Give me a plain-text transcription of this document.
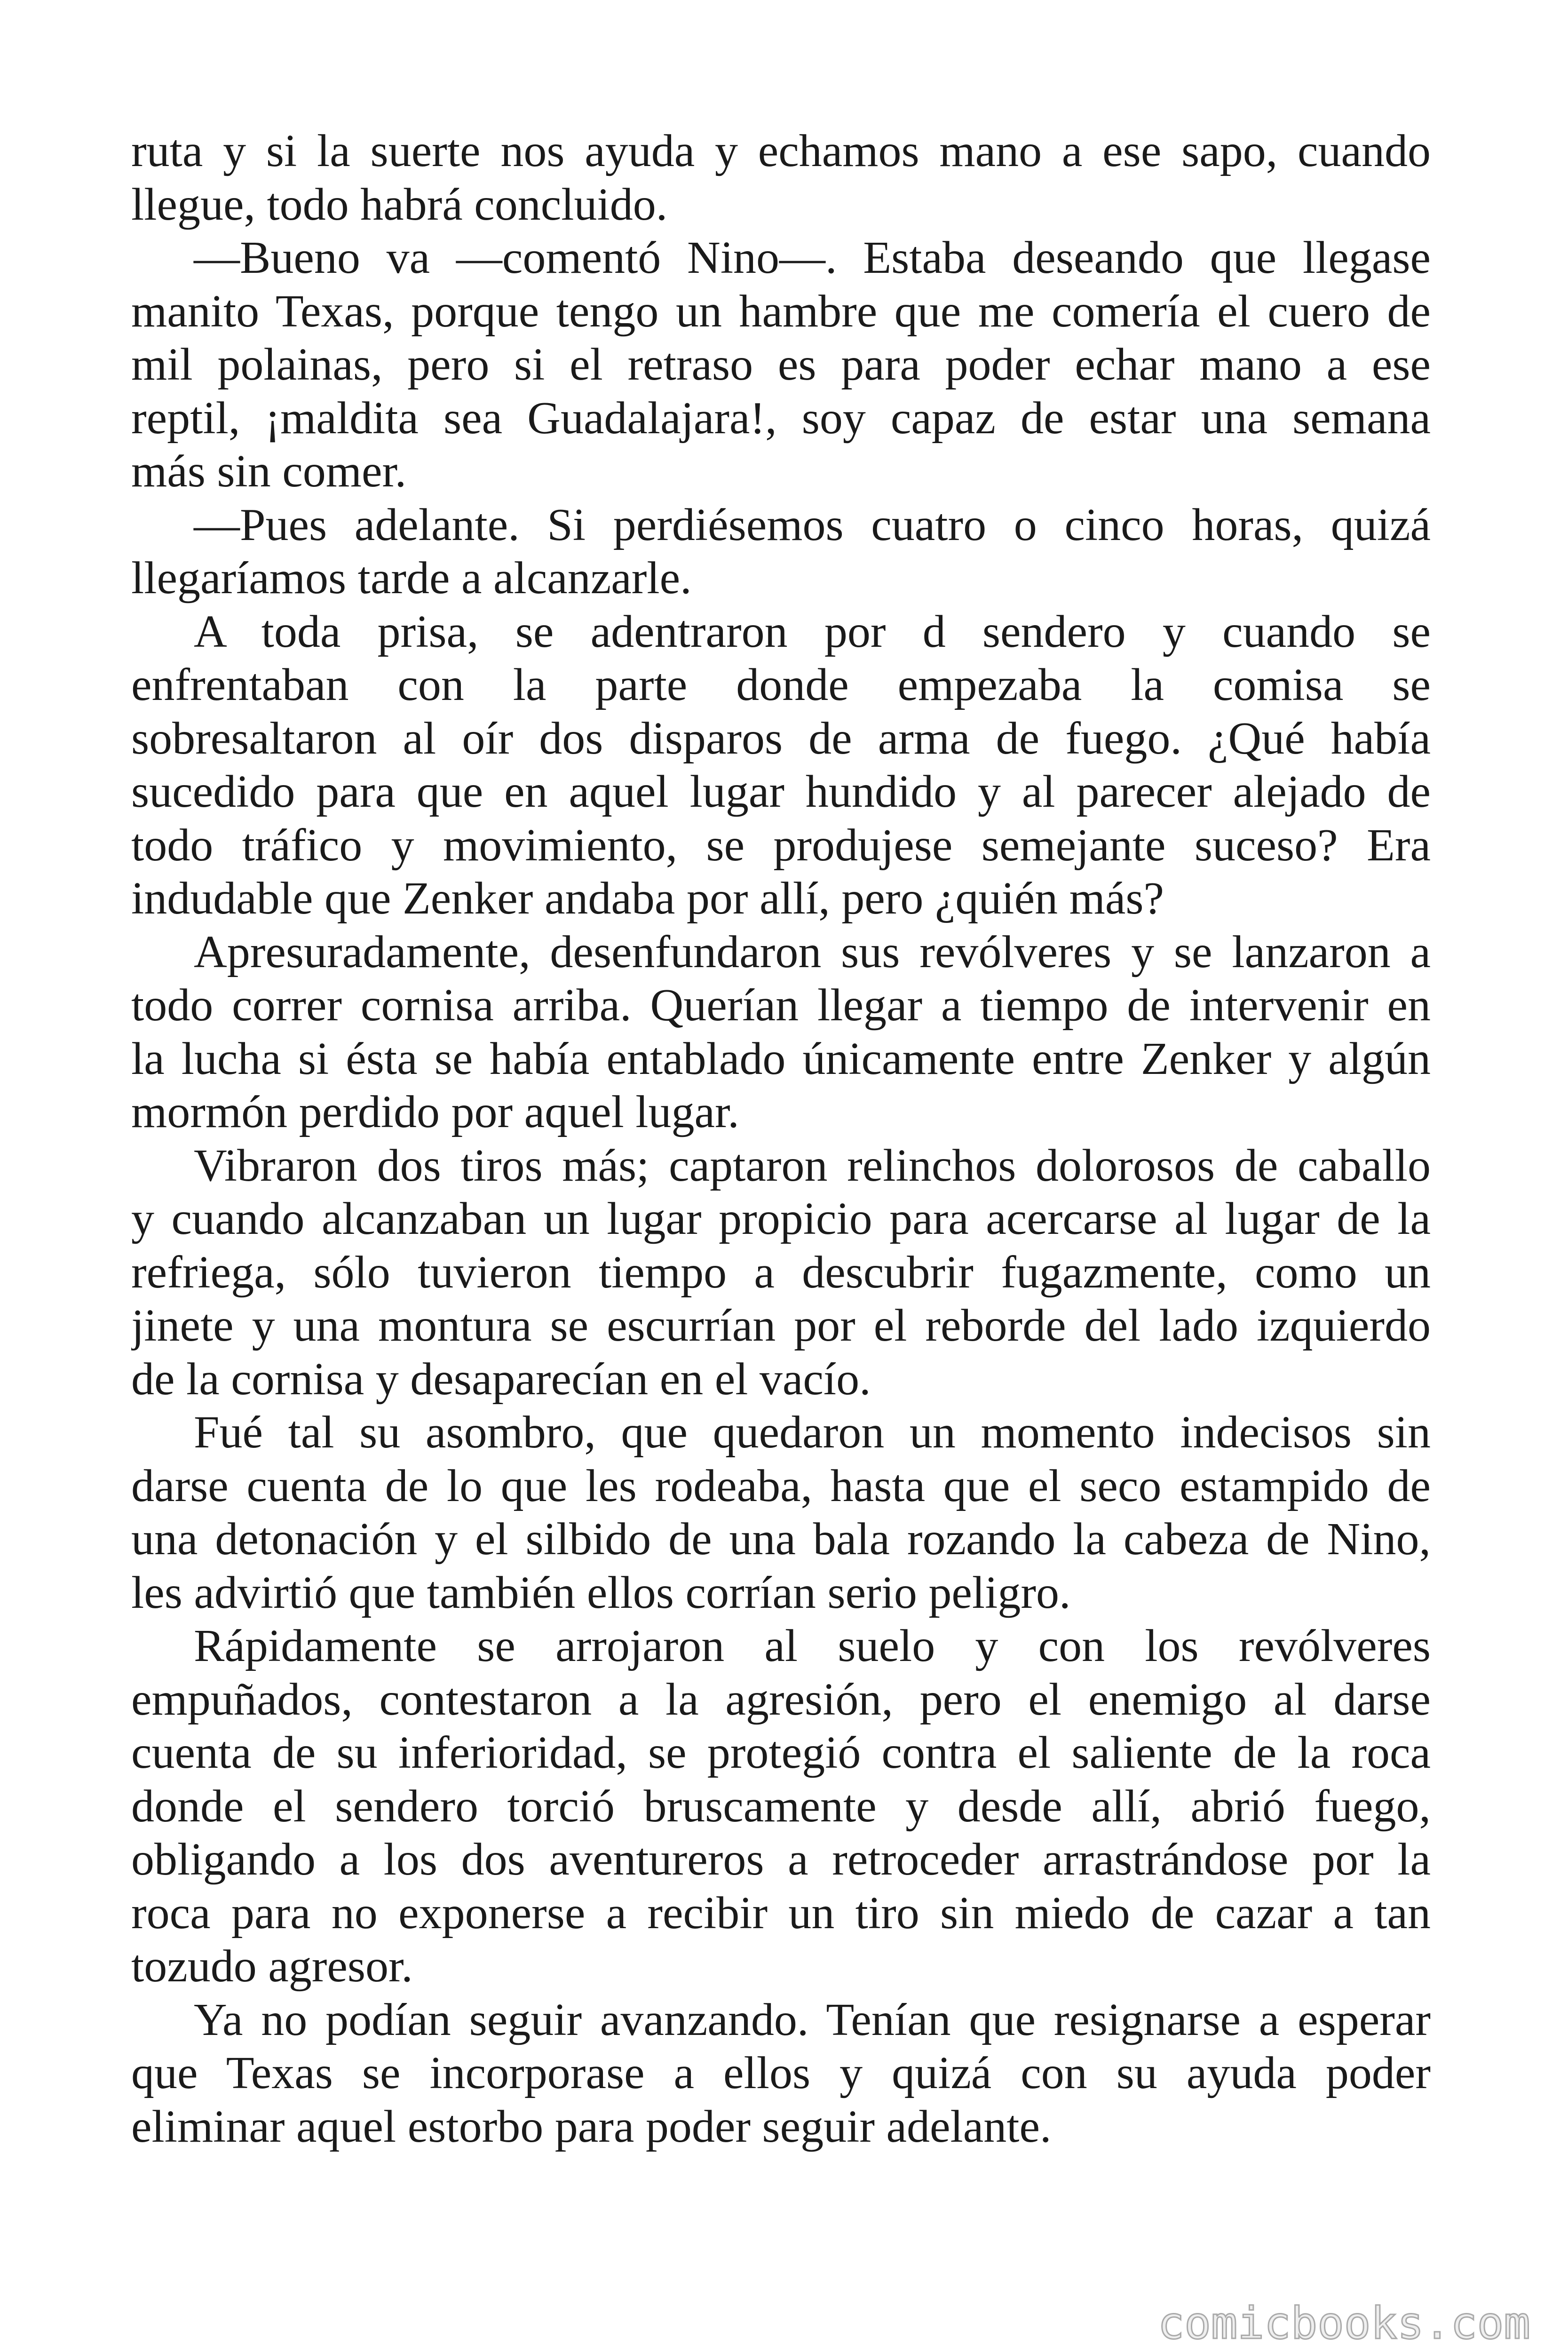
ruta y si la suerte nos ayuda y echamos mano a ese sapo, cuando
llegue, todo habrá concluido.
—Bueno va —comentó Nino—. Estaba deseando que llegase
manito Texas, porque tengo un hambre que me comería el cuero de
mil polainas, pero si el retraso es para poder echar mano a ese
reptil, ¡maldita sea Guadalajara!, soy capaz de estar una semana
más sin comer.
—Pues adelante. Si perdiésemos cuatro o cinco horas, quizá
llegaríamos tarde a alcanzarle.
A toda prisa, se adentraron por d sendero y cuando se
enfrentaban con la parte donde empezaba la comisa se
sobresaltaron al oír dos disparos de arma de fuego. ¿Qué había
sucedido para que en aquel lugar hundido y al parecer alejado de
todo tráfico y movimiento, se produjese semejante suceso? Era
indudable que Zenker andaba por allí, pero ¿quién más?
Apresuradamente, desenfundaron sus revólveres y se lanzaron a
todo correr cornisa arriba. Querían llegar a tiempo de intervenir en
la lucha si ésta se había entablado únicamente entre Zenker y algún
mormón perdido por aquel lugar.
Vibraron dos tiros más; captaron relinchos dolorosos de caballo
y cuando alcanzaban un lugar propicio para acercarse al lugar de la
refriega, sólo tuvieron tiempo a descubrir fugazmente, como un
jinete y una montura se escurrían por el reborde del lado izquierdo
de la cornisa y desaparecían en el vacío.
Fué tal su asombro, que quedaron un momento indecisos sin
darse cuenta de lo que les rodeaba, hasta que el seco estampido de
una detonación y el silbido de una bala rozando la cabeza de Nino,
les advirtió que también ellos corrían serio peligro.
Rápidamente se arrojaron al suelo y con los revólveres
empuñados, contestaron a la agresión, pero el enemigo al darse
cuenta de su inferioridad, se protegió contra el saliente de la roca
donde el sendero torció bruscamente y desde allí, abrió fuego,
obligando a los dos aventureros a retroceder arrastrándose por la
roca para no exponerse a recibir un tiro sin miedo de cazar a tan
tozudo agresor.
Ya no podían seguir avanzando. Tenían que resignarse a esperar
que Texas se incorporase a ellos y quizá con su ayuda poder
eliminar aquel estorbo para poder seguir adelante.
comicbooks.com
